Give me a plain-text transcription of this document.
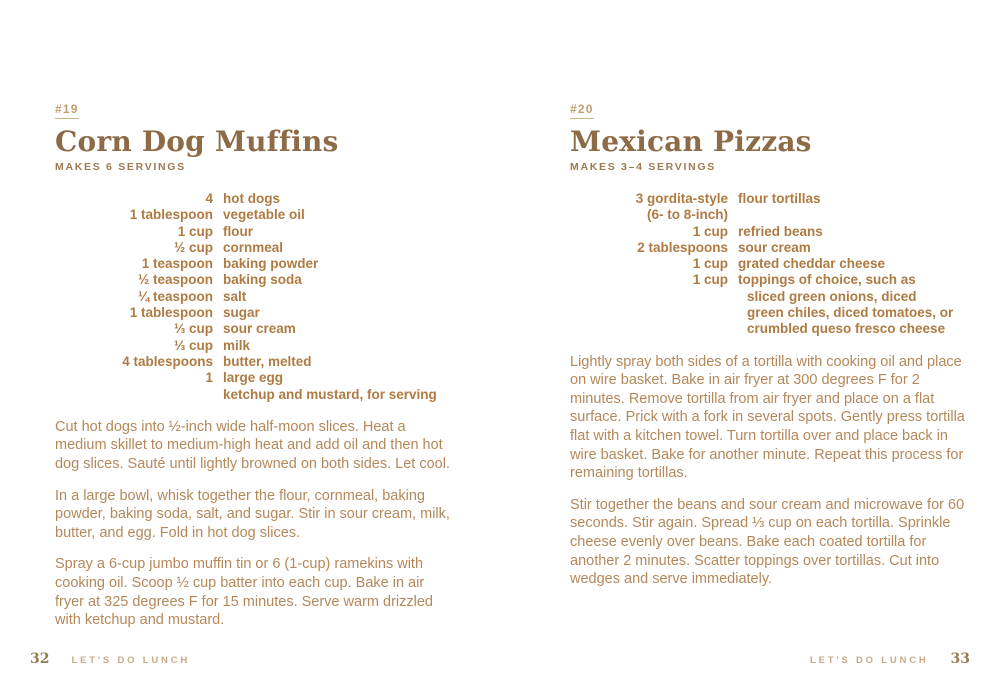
#19
Corn Dog Muffins
MAKES 6 SERVINGS
4 hot dogs
1 tablespoon vegetable oil
1 cup flour
½ cup cornmeal
1 teaspoon baking powder
½ teaspoon baking soda
¼ teaspoon salt
1 tablespoon sugar
⅓ cup sour cream
⅓ cup milk
4 tablespoons butter, melted
1 large egg

ketchup and mustard, for serving

Cut hot dogs into ½-inch wide half-moon slices. Heat a medium skillet to medium-high heat and add oil and then hot dog slices. Sauté until lightly browned on both sides. Let cool.

In a large bowl, whisk together the flour, cornmeal, baking powder, baking soda, salt, and sugar. Stir in sour cream, milk, butter, and egg. Fold in hot dog slices.

Spray a 6-cup jumbo muffin tin or 6 (1-cup) ramekins with cooking oil. Scoop ½ cup batter into each cup. Bake in air fryer at 325 degrees F for 15 minutes. Serve warm drizzled with ketchup and mustard.

#20
Mexican Pizzas
MAKES 3–4 SERVINGS
3 gordita-style
(6- to 8-inch)
flour tortillas
1 cup refried beans
2 tablespoons sour cream
1 cup grated cheddar cheese
1 cup toppings of choice, such as
sliced green onions, diced
green chiles, diced tomatoes, or
crumbled queso fresco cheese

Lightly spray both sides of a tortilla with cooking oil and place on wire basket. Bake in air fryer at 300 degrees F for 2 minutes. Remove tortilla from air fryer and place on a flat surface. Prick with a fork in several spots. Gently press tortilla flat with a kitchen towel. Turn tortilla over and place back in wire basket. Bake for another minute. Repeat this process for remaining tortillas.

Stir together the beans and sour cream and microwave for 60 seconds. Stir again. Spread ⅓ cup on each tortilla. Sprinkle cheese evenly over beans. Bake each coated tortilla for another 2 minutes. Scatter toppings over tortillas. Cut into wedges and serve immediately.

32 LET'S DO LUNCH	LET'S DO LUNCH 33
